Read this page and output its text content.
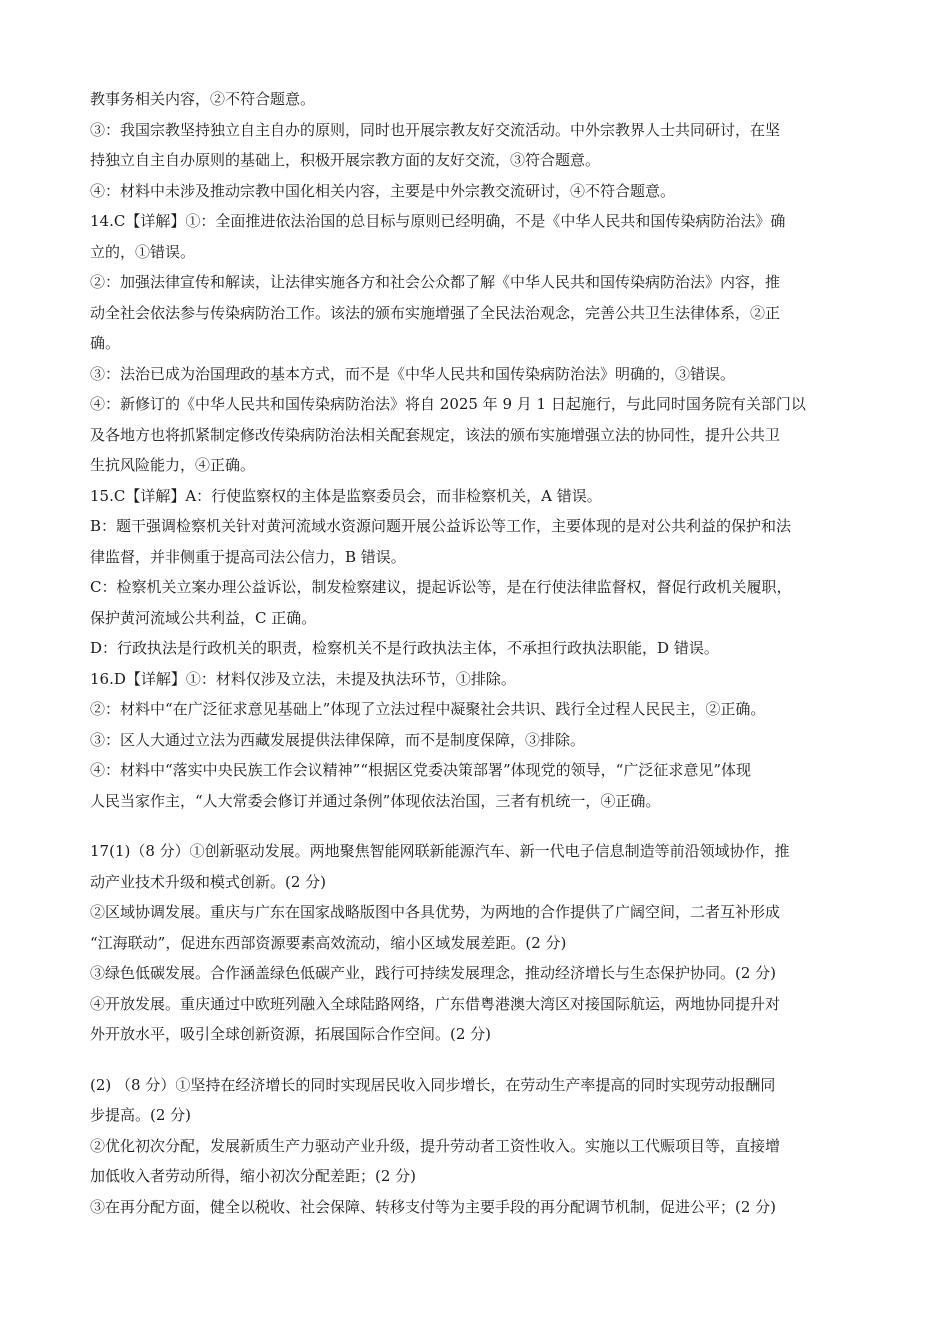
教事务相关内容，②不符合题意。
③：我国宗教坚持独立自主自办的原则，同时也开展宗教友好交流活动。中外宗教界人士共同研讨，在坚
持独立自主自办原则的基础上，积极开展宗教方面的友好交流，③符合题意。
④：材料中未涉及推动宗教中国化相关内容，主要是中外宗教交流研讨，④不符合题意。
14.C【详解】①：全面推进依法治国的总目标与原则已经明确，不是《中华人民共和国传染病防治法》确
立的，①错误。
②：加强法律宣传和解读，让法律实施各方和社会公众都了解《中华人民共和国传染病防治法》内容，推
动全社会依法参与传染病防治工作。该法的颁布实施增强了全民法治观念，完善公共卫生法律体系，②正
确。
③：法治已成为治国理政的基本方式，而不是《中华人民共和国传染病防治法》明确的，③错误。
④：新修订的《中华人民共和国传染病防治法》将自 2025 年 9 月 1 日起施行，与此同时国务院有关部门以
及各地方也将抓紧制定修改传染病防治法相关配套规定，该法的颁布实施增强立法的协同性，提升公共卫
生抗风险能力，④正确。
15.C【详解】A：行使监察权的主体是监察委员会，而非检察机关，A 错误。
B：题干强调检察机关针对黄河流域水资源问题开展公益诉讼等工作，主要体现的是对公共利益的保护和法
律监督，并非侧重于提高司法公信力，B 错误。
C：检察机关立案办理公益诉讼，制发检察建议，提起诉讼等，是在行使法律监督权，督促行政机关履职，
保护黄河流域公共利益，C 正确。
D：行政执法是行政机关的职责，检察机关不是行政执法主体，不承担行政执法职能，D 错误。
16.D【详解】①：材料仅涉及立法，未提及执法环节，①排除。
②：材料中“在广泛征求意见基础上”体现了立法过程中凝聚社会共识、践行全过程人民民主，②正确。
③：区人大通过立法为西藏发展提供法律保障，而不是制度保障，③排除。
④：材料中“落实中央民族工作会议精神”“根据区党委决策部署”体现党的领导，“广泛征求意见”体现
人民当家作主，“人大常委会修订并通过条例”体现依法治国，三者有机统一，④正确。
17(1)（8 分）①创新驱动发展。两地聚焦智能网联新能源汽车、新一代电子信息制造等前沿领域协作，推
动产业技术升级和模式创新。(2 分)
②区域协调发展。重庆与广东在国家战略版图中各具优势，为两地的合作提供了广阔空间，二者互补形成
“江海联动”，促进东西部资源要素高效流动，缩小区域发展差距。(2 分)
③绿色低碳发展。合作涵盖绿色低碳产业，践行可持续发展理念，推动经济增长与生态保护协同。(2 分)
④开放发展。重庆通过中欧班列融入全球陆路网络，广东借粤港澳大湾区对接国际航运，两地协同提升对
外开放水平，吸引全球创新资源，拓展国际合作空间。(2 分)
(2) （8 分）①坚持在经济增长的同时实现居民收入同步增长，在劳动生产率提高的同时实现劳动报酬同
步提高。(2 分)
②优化初次分配，发展新质生产力驱动产业升级，提升劳动者工资性收入。实施以工代赈项目等，直接增
加低收入者劳动所得，缩小初次分配差距；(2 分)
③在再分配方面，健全以税收、社会保障、转移支付等为主要手段的再分配调节机制，促进公平；(2 分)
